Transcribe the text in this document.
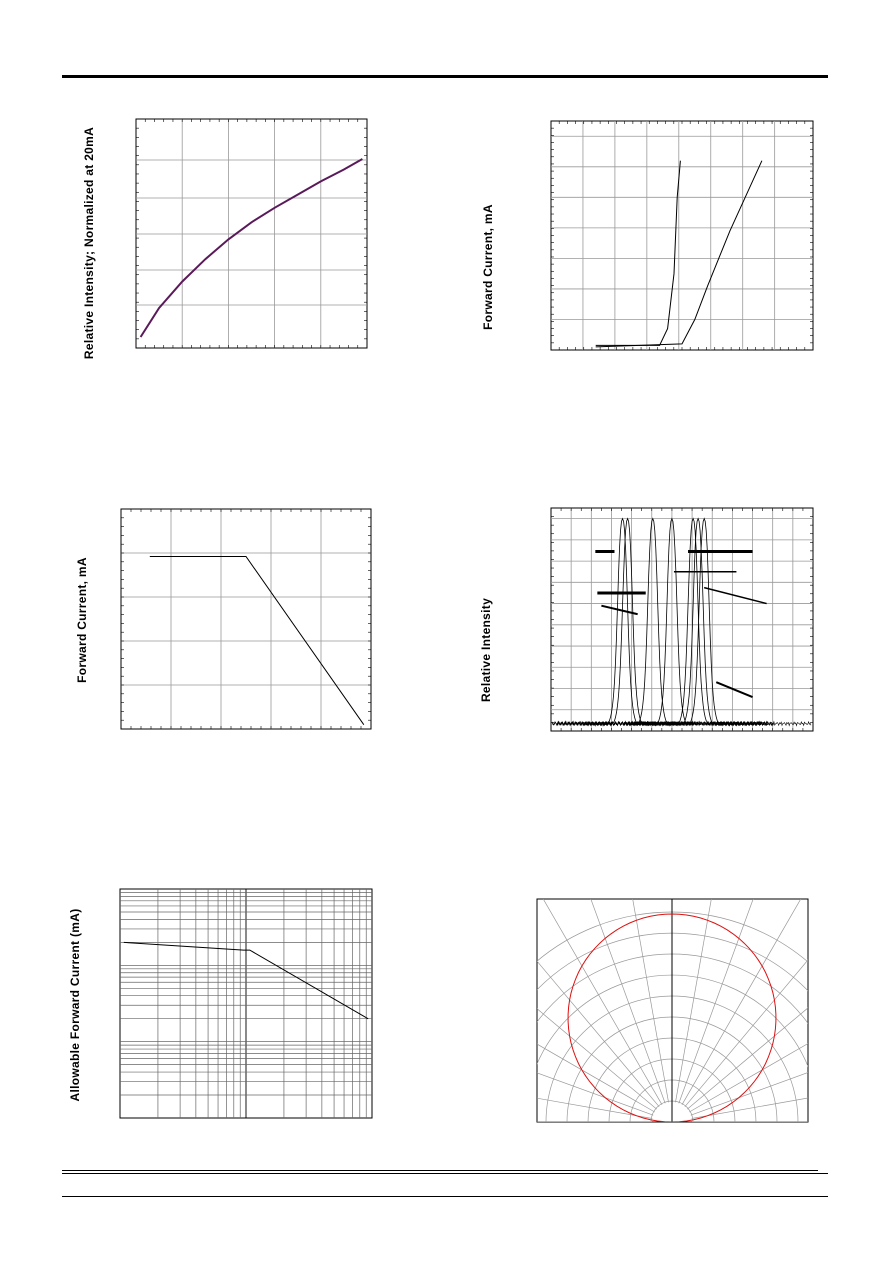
Relative Intensity; Normalized at 20mA	Forward Current, mA
Forward Current, mA	Relative Intensity
Allowable Forward Current (mA)
